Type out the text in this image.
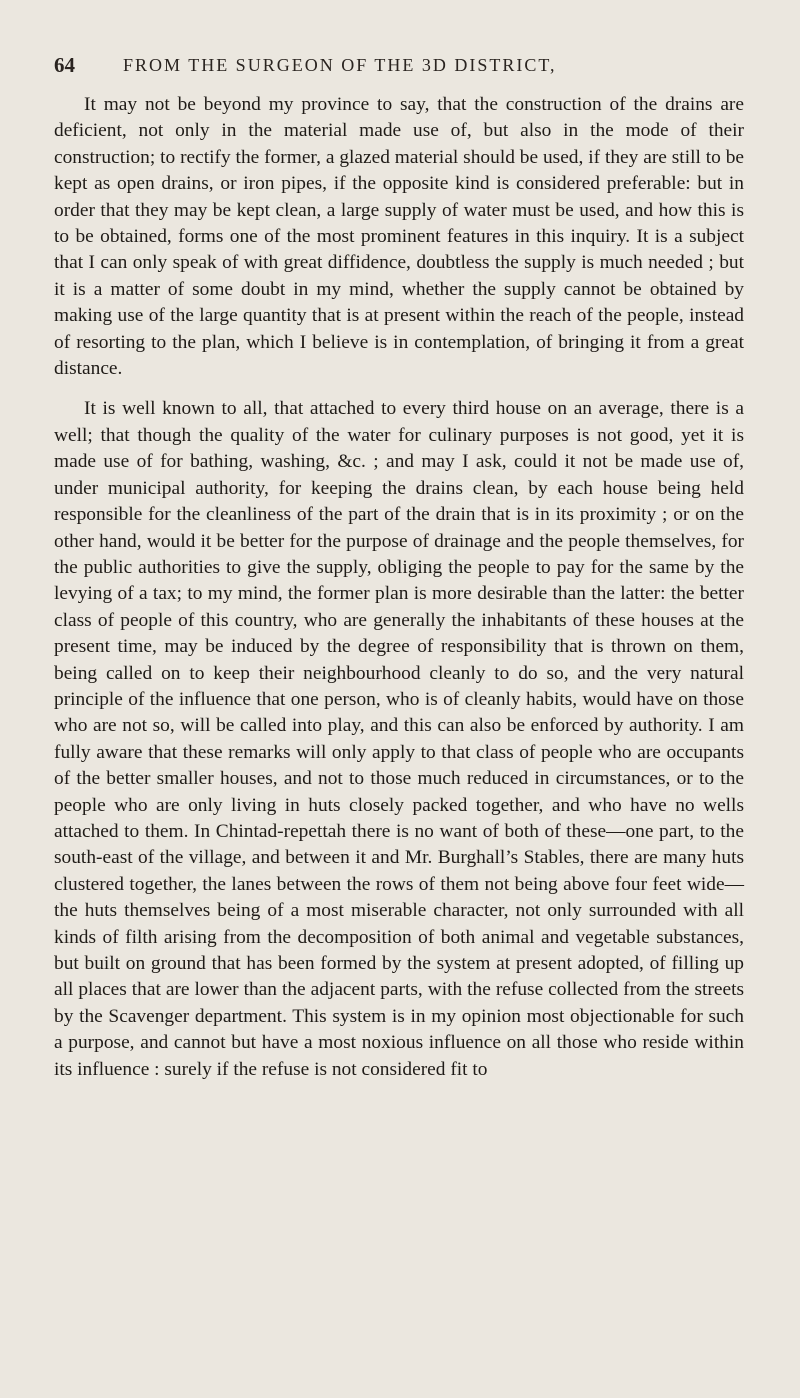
64	FROM THE SURGEON OF THE 3D DISTRICT,

It may not be beyond my province to say, that the construction of the drains are deficient, not only in the material made use of, but also in the mode of their construction; to rectify the former, a glazed material should be used, if they are still to be kept as open drains, or iron pipes, if the opposite kind is considered preferable: but in order that they may be kept clean, a large supply of water must be used, and how this is to be obtained, forms one of the most prominent features in this inquiry. It is a subject that I can only speak of with great diffidence, doubtless the supply is much needed ; but it is a matter of some doubt in my mind, whether the supply cannot be obtained by making use of the large quantity that is at present within the reach of the people, instead of resorting to the plan, which I believe is in contemplation, of bringing it from a great distance.

It is well known to all, that attached to every third house on an average, there is a well; that though the quality of the water for culinary purposes is not good, yet it is made use of for bathing, washing, &c. ; and may I ask, could it not be made use of, under municipal authority, for keeping the drains clean, by each house being held responsible for the cleanliness of the part of the drain that is in its proximity ; or on the other hand, would it be better for the purpose of drainage and the people themselves, for the public authorities to give the supply, obliging the people to pay for the same by the levying of a tax; to my mind, the former plan is more desirable than the latter: the better class of people of this country, who are generally the inhabitants of these houses at the present time, may be induced by the degree of responsibility that is thrown on them, being called on to keep their neighbourhood cleanly to do so, and the very natural principle of the influence that one person, who is of cleanly habits, would have on those who are not so, will be called into play, and this can also be enforced by authority. I am fully aware that these remarks will only apply to that class of people who are occupants of the better smaller houses, and not to those much reduced in circumstances, or to the people who are only living in huts closely packed together, and who have no wells attached to them. In Chintad-repettah there is no want of both of these—one part, to the south-east of the village, and between it and Mr. Burghall’s Stables, there are many huts clustered together, the lanes between the rows of them not being above four feet wide—the huts themselves being of a most miserable character, not only surrounded with all kinds of filth arising from the decomposition of both animal and vegetable substances, but built on ground that has been formed by the system at present adopted, of filling up all places that are lower than the adjacent parts, with the refuse collected from the streets by the Scavenger department. This system is in my opinion most objectionable for such a purpose, and cannot but have a most noxious influence on all those who reside within its influence : surely if the refuse is not considered fit to
